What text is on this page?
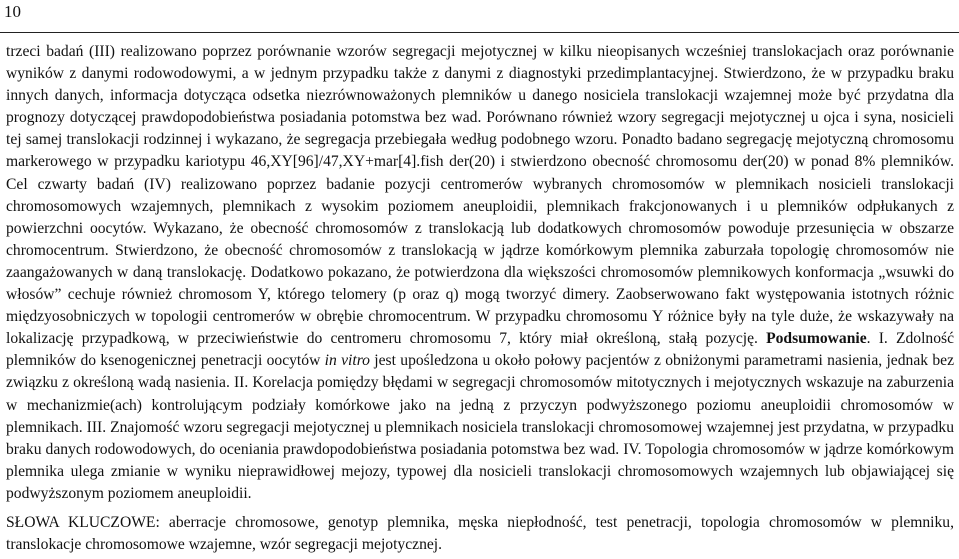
10

trzeci badań (III) realizowano poprzez porównanie wzorów segregacji mejotycznej w kilku nieopisanych wcześniej translokacjach oraz porównanie wyników z danymi rodowodowymi, a w jednym przypadku także z danymi z diagnostyki przedimplantacyjnej. Stwierdzono, że w przypadku braku innych danych, informacja dotycząca odsetka niezrównoważonych plemników u danego nosiciela translokacji wzajemnej może być przydatna dla prognozy dotyczącej prawdopodobieństwa posiadania potomstwa bez wad. Porównano również wzory segregacji mejotycznej u ojca i syna, nosicieli tej samej translokacji rodzinnej i wykazano, że segregacja przebiegała według podobnego wzoru. Ponadto badano segregację mejotyczną chromosomu markerowego w przypadku kariotypu 46,XY[96]/47,XY+mar[4].fish der(20) i stwierdzono obecność chromosomu der(20) w ponad 8% plemników. Cel czwarty badań (IV) realizowano poprzez badanie pozycji centromerów wybranych chromosomów w plemnikach nosicieli translokacji chromosomowych wzajemnych, plemnikach z wysokim poziomem aneuploidii, plemnikach frakcjonowanych i u plemników odpłukanych z powierzchni oocytów. Wykazano, że obecność chromosomów z translokacją lub dodatkowych chromosomów powoduje przesunięcia w obszarze chromocentrum. Stwierdzono, że obecność chromosomów z translokacją w jądrze komórkowym plemnika zaburzała topologię chromosomów nie zaangażowanych w daną translokację. Dodatkowo pokazano, że potwierdzona dla większości chromosomów plemnikowych konformacja „wsuwki do włosów” cechuje również chromosom Y, którego telomery (p oraz q) mogą tworzyć dimery. Zaobserwowano fakt występowania istotnych różnic międzyosobniczych w topologii centromerów w obrębie chromocentrum. W przypadku chromosomu Y różnice były na tyle duże, że wskazywały na lokalizację przypadkową, w przeciwieństwie do centromeru chromosomu 7, który miał określoną, stałą pozycję. Podsumowanie. I. Zdolność plemników do ksenogenicznej penetracji oocytów in vitro jest upośledzona u około połowy pacjentów z obniżonymi parametrami nasienia, jednak bez związku z określoną wadą nasienia. II. Korelacja pomiędzy błędami w segregacji chromosomów mitotycznych i mejotycznych wskazuje na zaburzenia w mechanizmie(ach) kontrolującym podziały komórkowe jako na jedną z przyczyn podwyższonego poziomu aneuploidii chromosomów w plemnikach. III. Znajomość wzoru segregacji mejotycznej u plemnikach nosiciela translokacji chromosomowej wzajemnej jest przydatna, w przypadku braku danych rodowodowych, do oceniania prawdopodobieństwa posiadania potomstwa bez wad. IV. Topologia chromosomów w jądrze komórkowym plemnika ulega zmianie w wyniku nieprawidłowej mejozy, typowej dla nosicieli translokacji chromosomowych wzajemnych lub objawiającej się podwyższonym poziomem aneuploidii.

SŁOWA KLUCZOWE: aberracje chromosowe, genotyp plemnika, męska niepłodność, test penetracji, topologia chromosomów w plemniku, translokacje chromosomowe wzajemne, wzór segregacji mejotycznej.
